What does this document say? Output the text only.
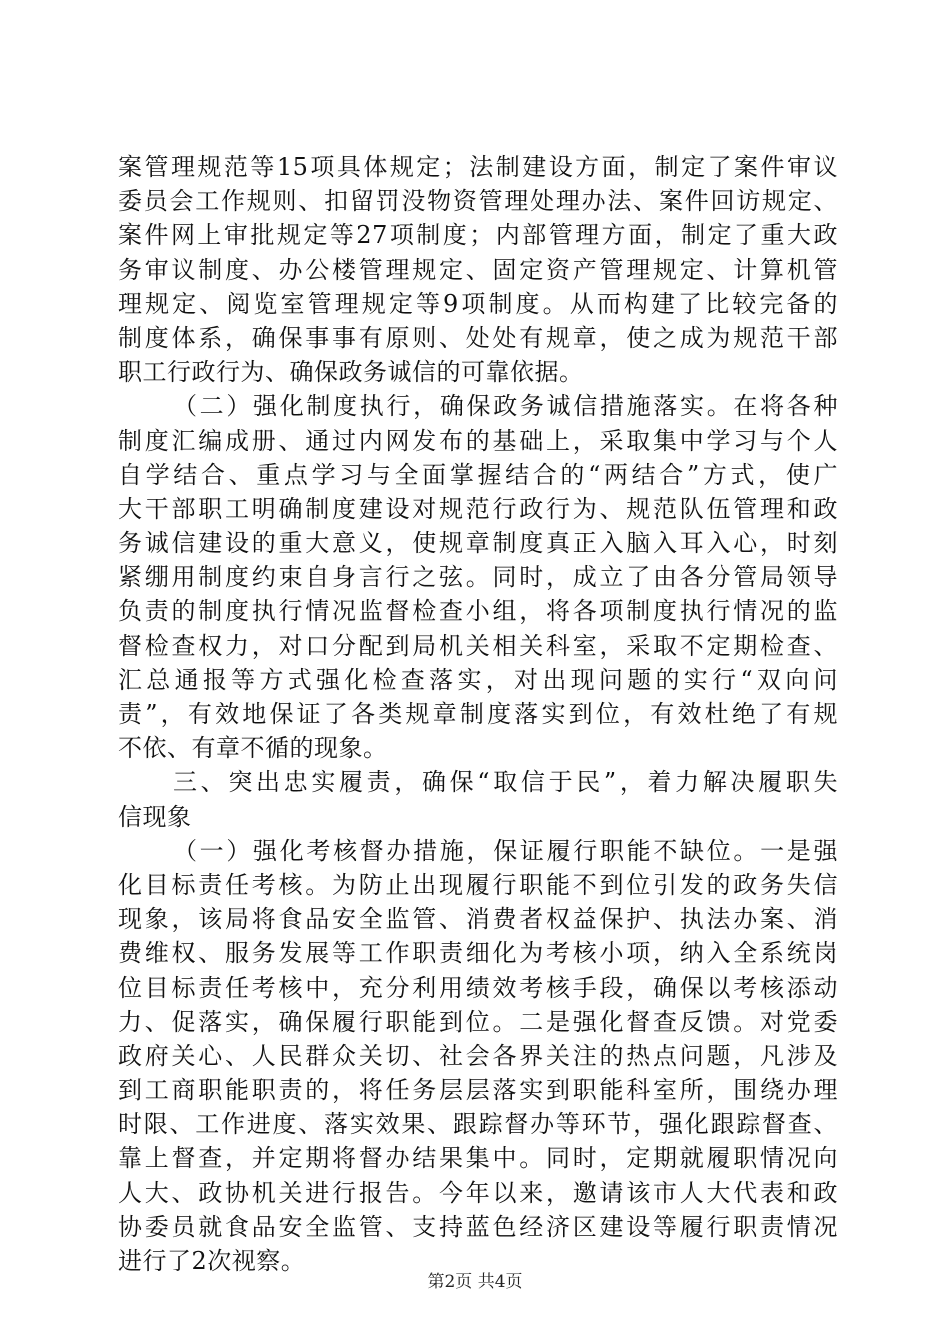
案管理规范等15项具体规定；法制建设方面，制定了案件审议
委员会工作规则、扣留罚没物资管理处理办法、案件回访规定、
案件网上审批规定等27项制度；内部管理方面，制定了重大政
务审议制度、办公楼管理规定、固定资产管理规定、计算机管
理规定、阅览室管理规定等9项制度。从而构建了比较完备的
制度体系，确保事事有原则、处处有规章，使之成为规范干部
职工行政行为、确保政务诚信的可靠依据。
（二）强化制度执行，确保政务诚信措施落实。在将各种
制度汇编成册、通过内网发布的基础上，采取集中学习与个人
自学结合、重点学习与全面掌握结合的“两结合”方式，使广
大干部职工明确制度建设对规范行政行为、规范队伍管理和政
务诚信建设的重大意义，使规章制度真正入脑入耳入心，时刻
紧绷用制度约束自身言行之弦。同时，成立了由各分管局领导
负责的制度执行情况监督检查小组，将各项制度执行情况的监
督检查权力，对口分配到局机关相关科室，采取不定期检查、
汇总通报等方式强化检查落实，对出现问题的实行“双向问
责”，有效地保证了各类规章制度落实到位，有效杜绝了有规
不依、有章不循的现象。
三、突出忠实履责，确保“取信于民”，着力解决履职失
信现象
（一）强化考核督办措施，保证履行职能不缺位。一是强
化目标责任考核。为防止出现履行职能不到位引发的政务失信
现象，该局将食品安全监管、消费者权益保护、执法办案、消
费维权、服务发展等工作职责细化为考核小项，纳入全系统岗
位目标责任考核中，充分利用绩效考核手段，确保以考核添动
力、促落实，确保履行职能到位。二是强化督查反馈。对党委
政府关心、人民群众关切、社会各界关注的热点问题，凡涉及
到工商职能职责的，将任务层层落实到职能科室所，围绕办理
时限、工作进度、落实效果、跟踪督办等环节，强化跟踪督查、
靠上督查，并定期将督办结果集中。同时，定期就履职情况向
人大、政协机关进行报告。今年以来，邀请该市人大代表和政
协委员就食品安全监管、支持蓝色经济区建设等履行职责情况
进行了2次视察。
第2页 共4页
